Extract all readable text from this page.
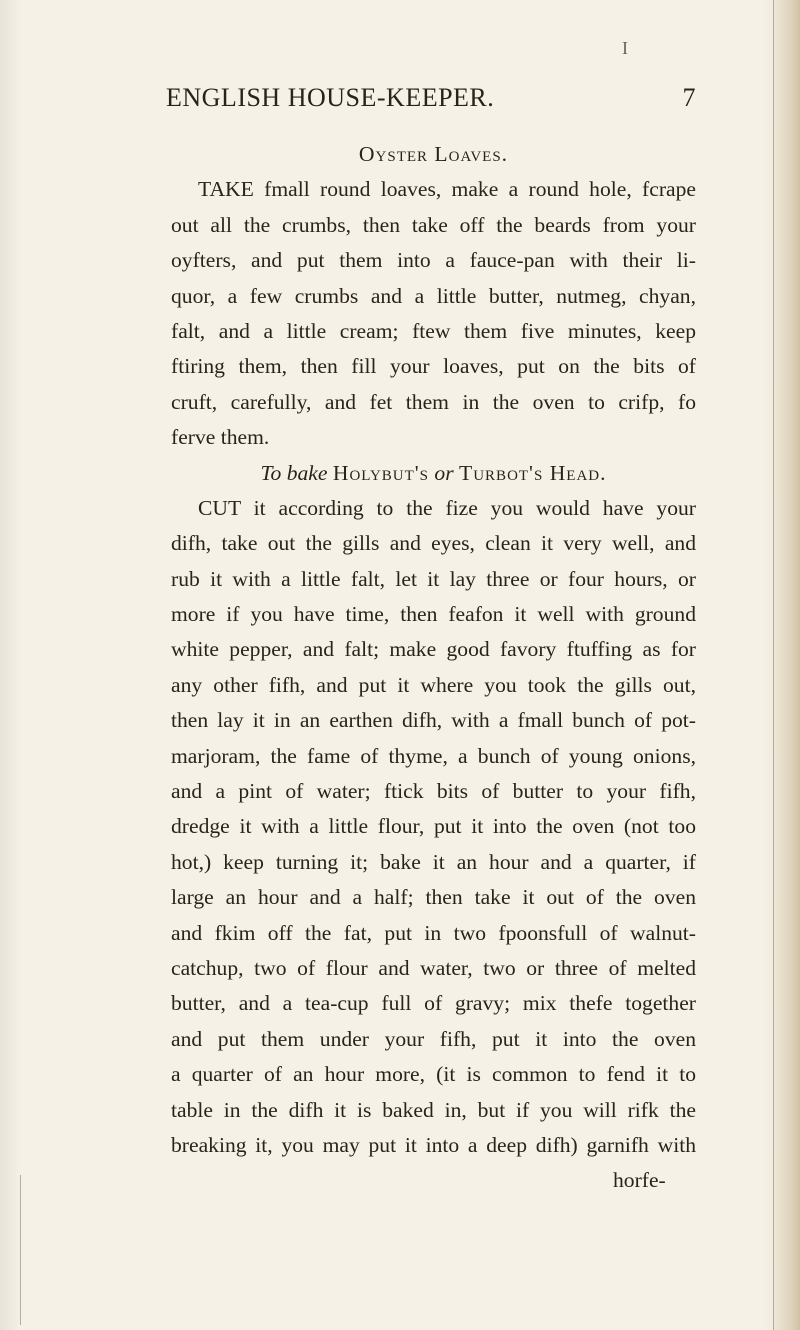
I
ENGLISH HOUSE-KEEPER.	7
Oyster Loaves.
TAKE fmall round loaves, make a round hole, fcrape
out all the crumbs, then take off the beards from your
oyfters, and put them into a fauce-pan with their li-
quor, a few crumbs and a little butter, nutmeg, chyan,
falt, and a little cream; ftew them five minutes, keep
ftiring them, then fill your loaves, put on the bits of
cruft, carefully, and fet them in the oven to crifp, fo
ferve them.
To bake Holybut's or Turbot's Head.
CUT it according to the fize you would have your
difh, take out the gills and eyes, clean it very well, and
rub it with a little falt, let it lay three or four hours, or
more if you have time, then feafon it well with ground
white pepper, and falt; make good favory ftuffing as for
any other fifh, and put it where you took the gills out,
then lay it in an earthen difh, with a fmall bunch of pot-
marjoram, the fame of thyme, a bunch of young onions,
and a pint of water; ftick bits of butter to your fifh,
dredge it with a little flour, put it into the oven (not too
hot,) keep turning it; bake it an hour and a quarter, if
large an hour and a half; then take it out of the oven
and fkim off the fat, put in two fpoonsfull of walnut-
catchup, two of flour and water, two or three of melted
butter, and a tea-cup full of gravy; mix thefe together
and put them under your fifh, put it into the oven
a quarter of an hour more, (it is common to fend it to
table in the difh it is baked in, but if you will rifk the
breaking it, you may put it into a deep difh) garnifh with
horfe-
